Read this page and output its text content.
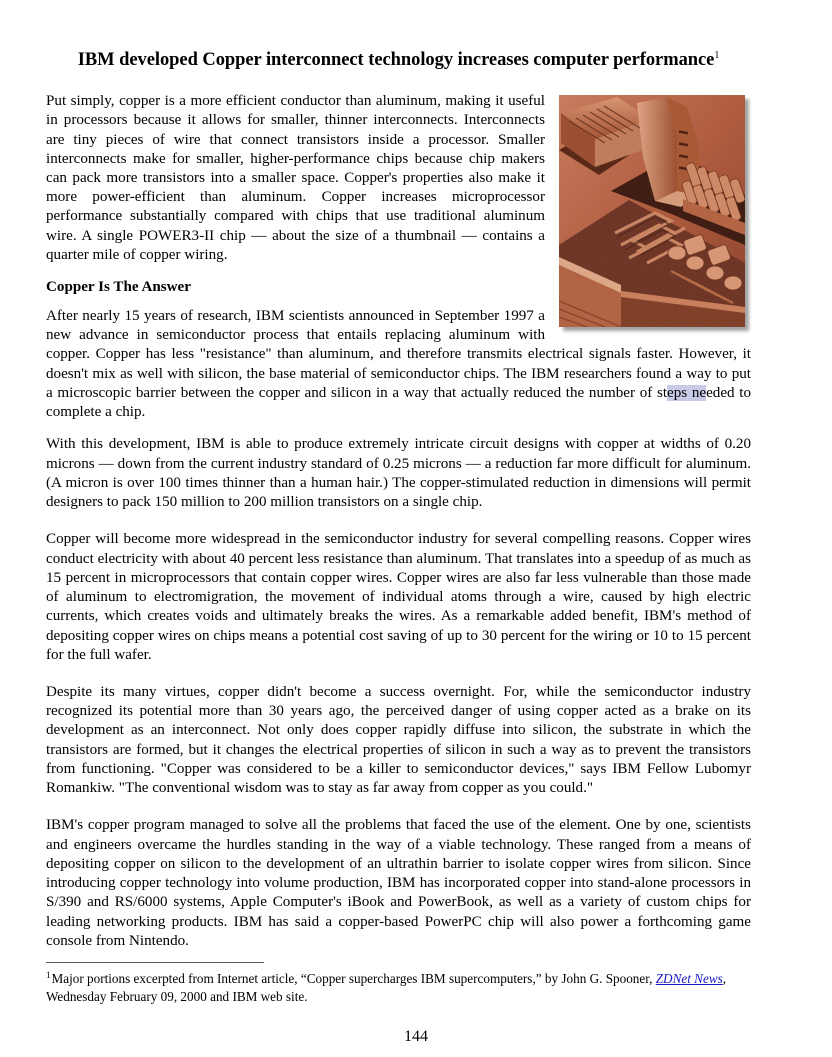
IBM developed Copper interconnect technology increases computer performance$^1$

Put simply, copper is a more efficient conductor than aluminum, making it useful in processors because it allows for smaller, thinner interconnects. Interconnects are tiny pieces of wire that connect transistors inside a processor. Smaller interconnects make for smaller, higher-performance chips because chip makers can pack more transistors into a smaller space. Copper's properties also make it more power-efficient than aluminum. Copper increases microprocessor performance substantially compared with chips that use traditional aluminum wire. A single POWER3-II chip — about the size of a thumbnail — contains a quarter mile of copper wiring.

Copper Is The Answer

After nearly 15 years of research, IBM scientists announced in September 1997 a new advance in semiconductor process that entails replacing aluminum with copper. Copper has less "resistance" than aluminum, and therefore transmits electrical signals faster. However, it doesn't mix as well with silicon, the base material of semiconductor chips. The IBM researchers found a way to put a microscopic barrier between the copper and silicon in a way that actually reduced the number of steps needed to complete a chip.

With this development, IBM is able to produce extremely intricate circuit designs with copper at widths of 0.20 microns — down from the current industry standard of 0.25 microns — a reduction far more difficult for aluminum. (A micron is over 100 times thinner than a human hair.) The copper-stimulated reduction in dimensions will permit designers to pack 150 million to 200 million transistors on a single chip.

Copper will become more widespread in the semiconductor industry for several compelling reasons. Copper wires conduct electricity with about 40 percent less resistance than aluminum. That translates into a speedup of as much as 15 percent in microprocessors that contain copper wires. Copper wires are also far less vulnerable than those made of aluminum to electromigration, the movement of individual atoms through a wire, caused by high electric currents, which creates voids and ultimately breaks the wires. As a remarkable added benefit, IBM's method of depositing copper wires on chips means a potential cost saving of up to 30 percent for the wiring or 10 to 15 percent for the full wafer.

Despite its many virtues, copper didn't become a success overnight. For, while the semiconductor industry recognized its potential more than 30 years ago, the perceived danger of using copper acted as a brake on its development as an interconnect. Not only does copper rapidly diffuse into silicon, the substrate in which the transistors are formed, but it changes the electrical properties of silicon in such a way as to prevent the transistors from functioning. "Copper was considered to be a killer to semiconductor devices," says IBM Fellow Lubomyr Romankiw. "The conventional wisdom was to stay as far away from copper as you could."

IBM's copper program managed to solve all the problems that faced the use of the element. One by one, scientists and engineers overcame the hurdles standing in the way of a viable technology. These ranged from a means of depositing copper on silicon to the development of an ultrathin barrier to isolate copper wires from silicon. Since introducing copper technology into volume production, IBM has incorporated copper into stand-alone processors in S/390 and RS/6000 systems, Apple Computer's iBook and PowerBook, as well as a variety of custom chips for leading networking products. IBM has said a copper-based PowerPC chip will also power a forthcoming game console from Nintendo.

$^1$Major portions excerpted from Internet article, “Copper supercharges IBM supercomputers,” by John G. Spooner, ZDNet News, Wednesday February 09, 2000 and IBM web site.

144
